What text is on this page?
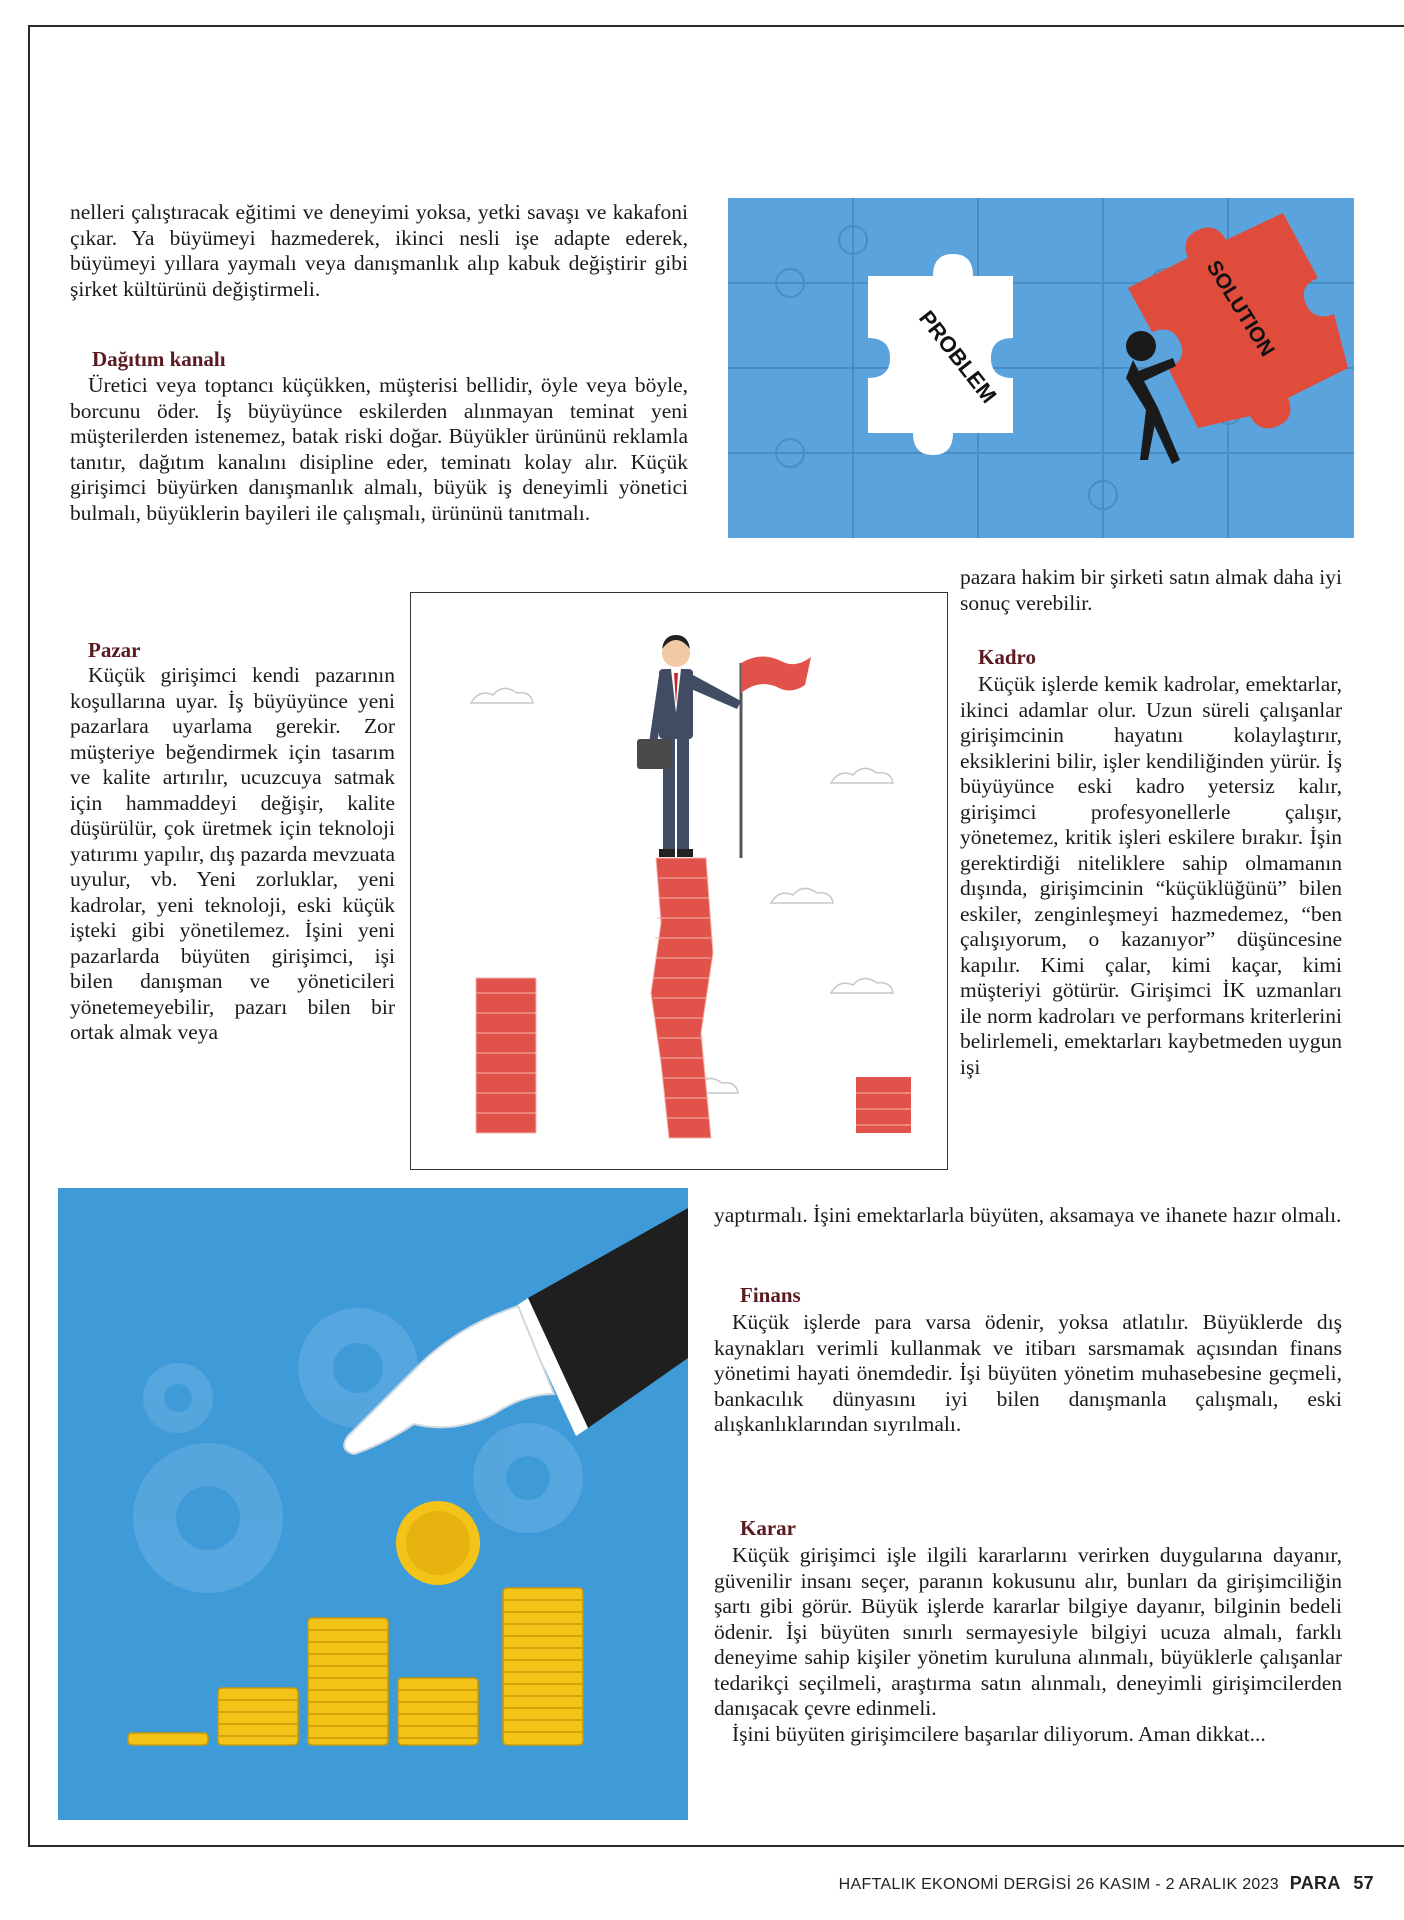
nelleri çalıştıracak eğitimi ve deneyimi yoksa, yetki savaşı ve kakafoni çıkar. Ya büyümeyi hazmederek, ikinci nesli işe adapte ederek, büyümeyi yıllara yaymalı veya danışmanlık alıp kabuk değiştirir gibi şirket kültürünü değiştirmeli.

Dağıtım kanalı

Üretici veya toptancı küçükken, müşterisi bellidir, öyle veya böyle, borcunu öder. İş büyüyünce eskilerden alınmayan teminat yeni müşterilerden istenemez, batak riski doğar. Büyükler ürününü reklamla tanıtır, dağıtım kanalını disipline eder, teminatı kolay alır. Küçük girişimci büyürken danışmanlık almalı, büyük iş deneyimli yönetici bulmalı, büyüklerin bayileri ile çalışmalı, ürününü tanıtmalı.

PROBLEM	SOLUTION

pazara hakim bir şirketi satın almak daha iyi sonuç verebilir.

Pazar

Küçük girişimci kendi pazarının koşullarına uyar. İş büyüyünce yeni pazarlara uyarlama gerekir. Zor müşteriye beğendirmek için tasarım ve kalite artırılır, ucuzcuya satmak için hammaddeyi değişir, kalite düşürülür, çok üretmek için teknoloji yatırımı yapılır, dış pazarda mevzuata uyulur, vb. Yeni zorluklar, yeni kadrolar, yeni teknoloji, eski küçük işteki gibi yönetilemez. İşini yeni pazarlarda büyüten girişimci, işi bilen danışman ve yöneticileri yönetemeyebilir, pazarı bilen bir ortak almak veya

Kadro

Küçük işlerde kemik kadrolar, emektarlar, ikinci adamlar olur. Uzun süreli çalışanlar girişimcinin hayatını kolaylaştırır, eksiklerini bilir, işler kendiliğinden yürür. İş büyüyünce eski kadro yetersiz kalır, girişimci profesyonellerle çalışır, yönetemez, kritik işleri eskilere bırakır. İşin gerektirdiği niteliklere sahip olmamanın dışında, girişimcinin “küçüklüğünü” bilen eskiler, zenginleşmeyi hazmedemez, “ben çalışıyorum, o kazanıyor” düşüncesine kapılır. Kimi çalar, kimi kaçar, kimi müşteriyi götürür. Girişimci İK uzmanları ile norm kadroları ve performans kriterlerini belirlemeli, emektarları kaybetmeden uygun işi

yaptırmalı. İşini emektarlarla büyüten, aksamaya ve ihanete hazır olmalı.

Finans

Küçük işlerde para varsa ödenir, yoksa atlatılır. Büyüklerde dış kaynakları verimli kullanmak ve itibarı sarsmamak açısından finans yönetimi hayati önemdedir. İşi büyüten yönetim muhasebesine geçmeli, bankacılık dünyasını iyi bilen danışmanla çalışmalı, eski alışkanlıklarından sıyrılmalı.

Karar

Küçük girişimci işle ilgili kararlarını verirken duygularına dayanır, güvenilir insanı seçer, paranın kokusunu alır, bunları da girişimciliğin şartı gibi görür. Büyük işlerde kararlar bilgiye dayanır, bilginin bedeli ödenir. İşi büyüten sınırlı sermayesiyle bilgiyi ucuza almalı, farklı deneyime sahip kişiler yönetim kuruluna alınmalı, büyüklerle çalışanlar tedarikçi seçilmeli, araştırma satın alınmalı, deneyimli girişimcilerden danışacak çevre edinmeli.

İşini büyüten girişimcilere başarılar diliyorum. Aman dikkat...

HAFTALIK EKONOMİ DERGİSİ 26 KASIM - 2 ARALIK 2023 PARA 57
